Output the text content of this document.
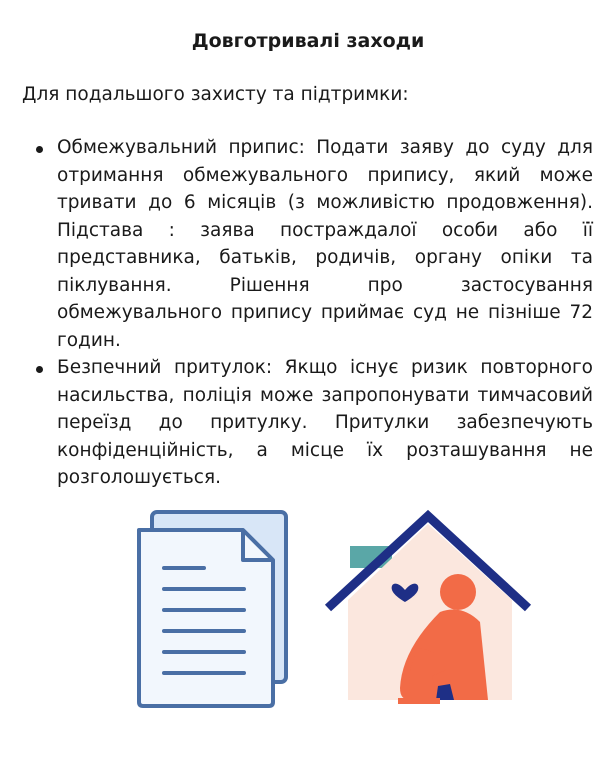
Довготривалі заходи
Для подальшого захисту та підтримки:
Обмежувальний припис: Подати заяву до суду для отримання обмежувального припису, який може тривати до 6 місяців (з можливістю продовження). Підстава : заява постраждалої особи або її представника, батьків, родичів, органу опіки та піклування. Рішення про застосування обмежувального припису приймає суд не пізніше 72 годин.
Безпечний притулок: Якщо існує ризик повторного насильства, поліція може запропонувати тимчасовий переїзд до притулку. Притулки забезпечують конфіденційність, а місце їх розташування не розголошується.
